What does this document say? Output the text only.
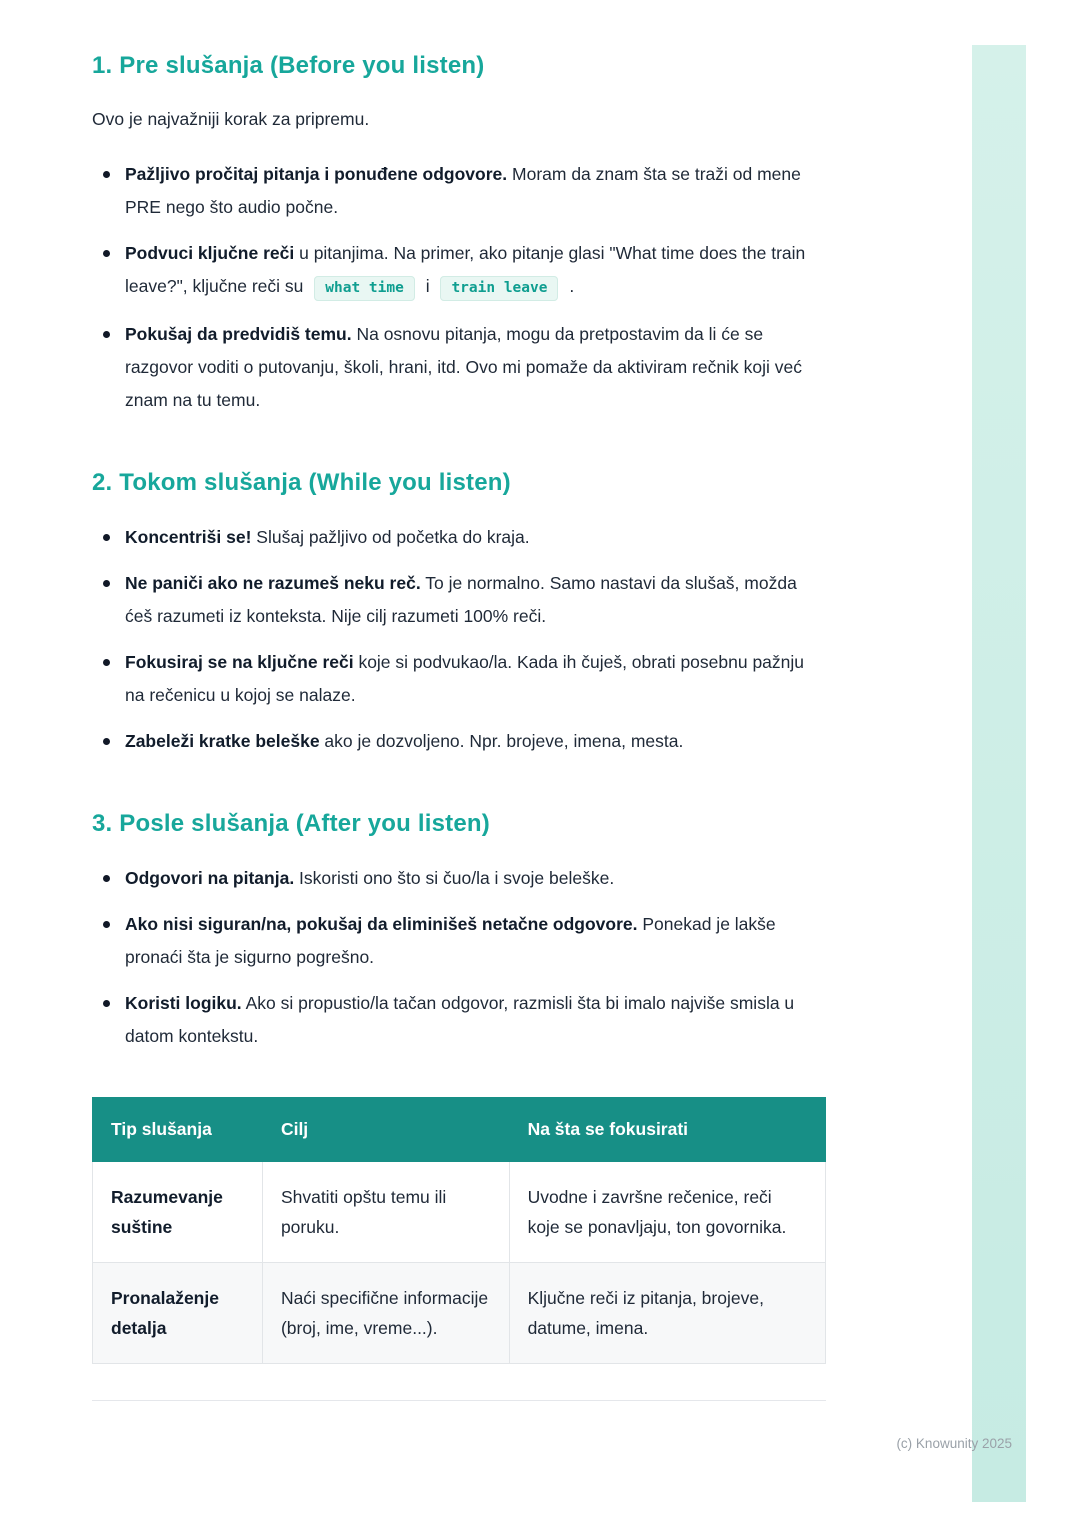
1. Pre slušanja (Before you listen)

Ovo je najvažniji korak za pripremu.

Pažljivo pročitaj pitanja i ponuđene odgovore. Moram da znam šta se traži od mene PRE nego što audio počne.
Podvuci ključne reči u pitanjima. Na primer, ako pitanje glasi "What time does the train leave?", ključne reči su what time i train leave .
Pokušaj da predvidiš temu. Na osnovu pitanja, mogu da pretpostavim da li će se razgovor voditi o putovanju, školi, hrani, itd. Ovo mi pomaže da aktiviram rečnik koji već znam na tu temu.
2. Tokom slušanja (While you listen)
Koncentriši se! Slušaj pažljivo od početka do kraja.
Ne paniči ako ne razumeš neku reč. To je normalno. Samo nastavi da slušaš, možda ćeš razumeti iz konteksta. Nije cilj razumeti 100% reči.
Fokusiraj se na ključne reči koje si podvukao/la. Kada ih čuješ, obrati posebnu pažnju na rečenicu u kojoj se nalaze.
Zabeleži kratke beleške ako je dozvoljeno. Npr. brojeve, imena, mesta.
3. Posle slušanja (After you listen)
Odgovori na pitanja. Iskoristi ono što si čuo/la i svoje beleške.
Ako nisi siguran/na, pokušaj da eliminišeš netačne odgovore. Ponekad je lakše pronaći šta je sigurno pogrešno.
Koristi logiku. Ako si propustio/la tačan odgovor, razmisli šta bi imalo najviše smisla u datom kontekstu.
Tip slušanja	Cilj	Na šta se fokusirati
Razumevanje suštine	Shvatiti opštu temu ili poruku.	Uvodne i završne rečenice, reči koje se ponavljaju, ton govornika.
Pronalaženje detalja	Naći specifične informacije (broj, ime, vreme...).	Ključne reči iz pitanja, brojeve, datume, imena.
(c) Knowunity 2025
